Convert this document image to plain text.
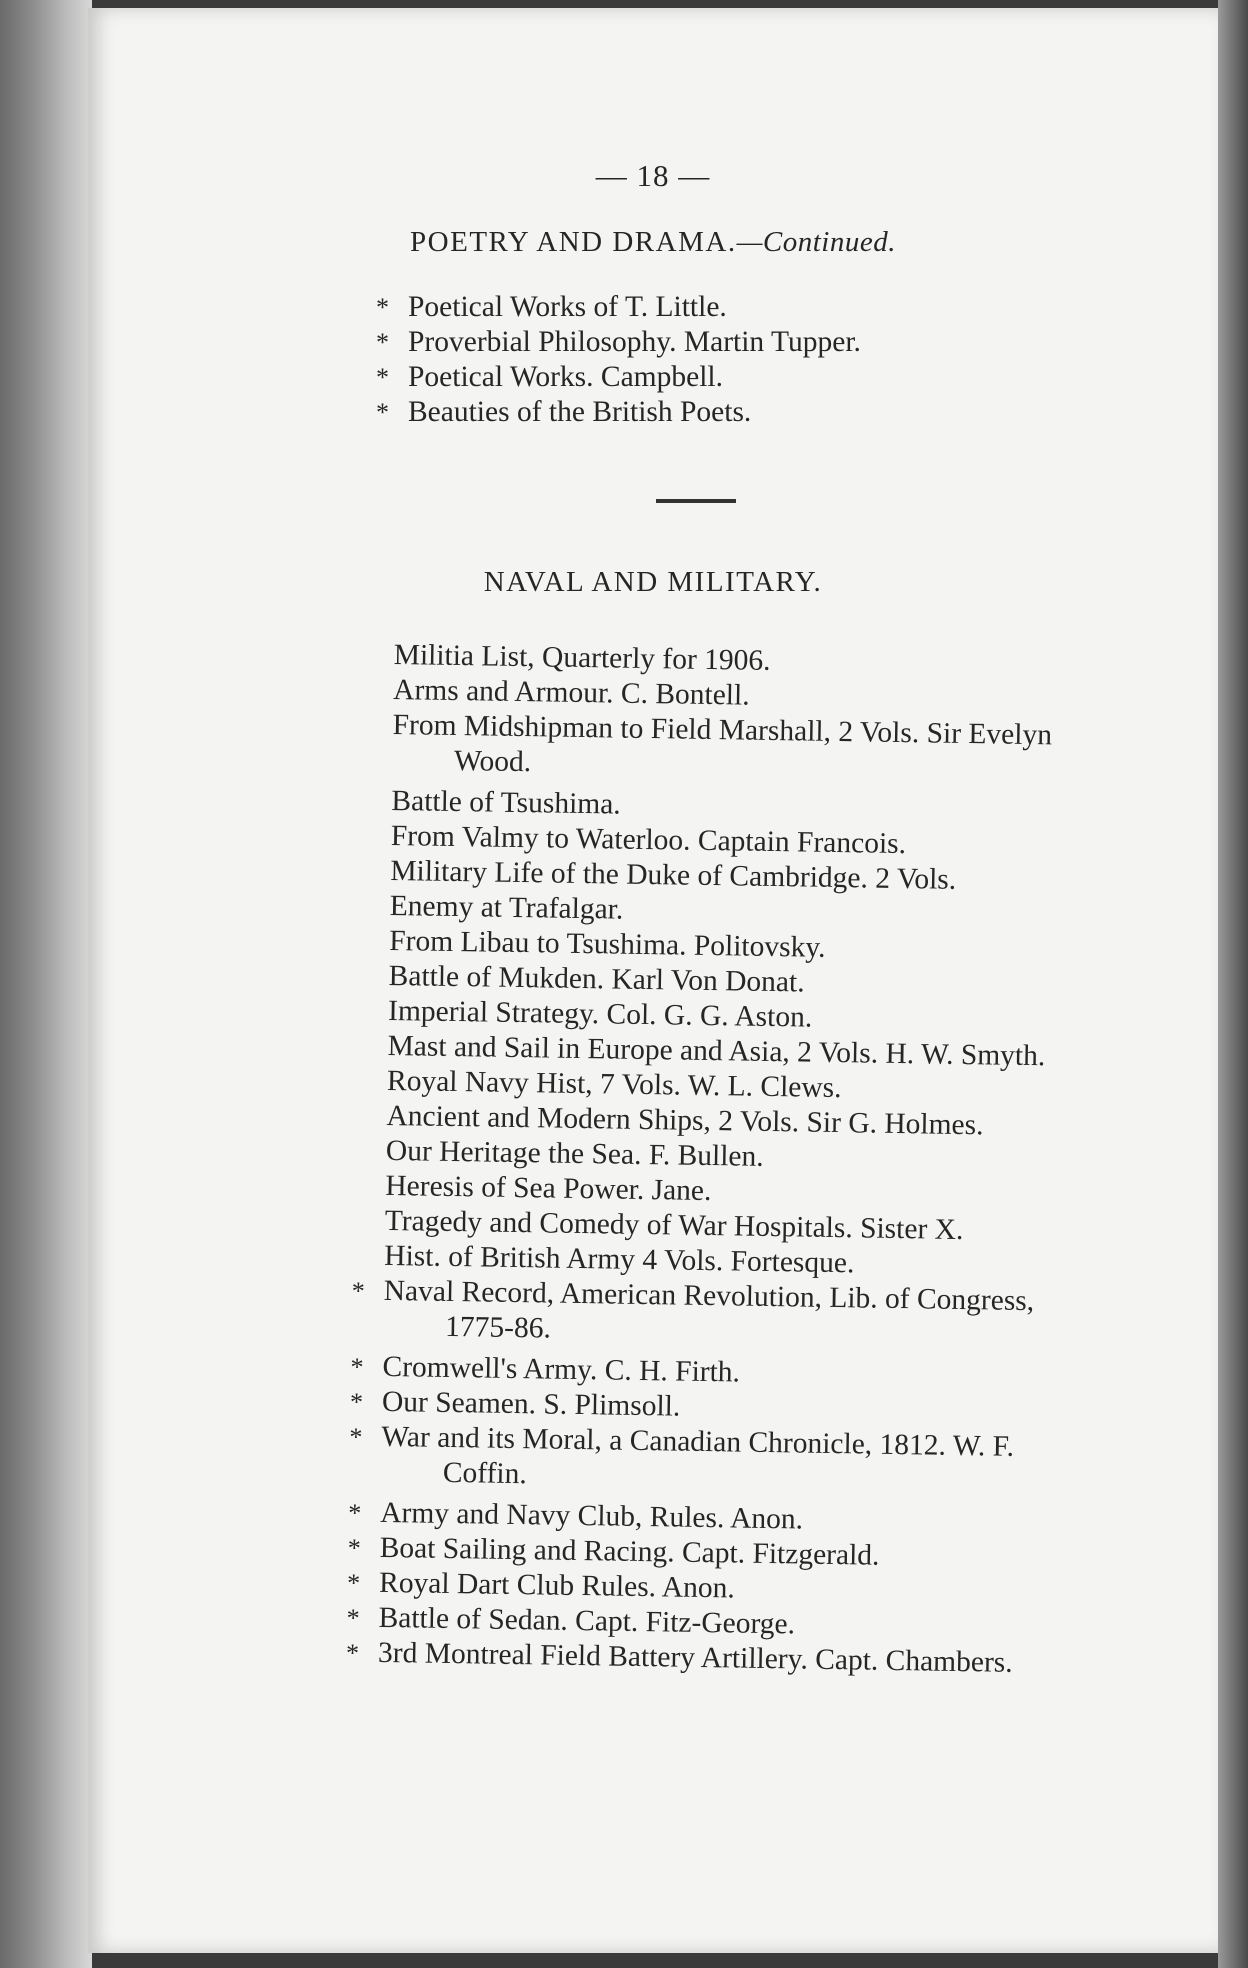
— 18 —
POETRY AND DRAMA.—Continued.
* Poetical Works of T. Little.
* Proverbial Philosophy. Martin Tupper.
* Poetical Works. Campbell.
* Beauties of the British Poets.
NAVAL AND MILITARY.
Militia List, Quarterly for 1906.
Arms and Armour. C. Bontell.
From Midshipman to Field Marshall, 2 Vols. Sir Evelyn
Wood.
Battle of Tsushima.
From Valmy to Waterloo. Captain Francois.
Military Life of the Duke of Cambridge. 2 Vols.
Enemy at Trafalgar.
From Libau to Tsushima. Politovsky.
Battle of Mukden. Karl Von Donat.
Imperial Strategy. Col. G. G. Aston.
Mast and Sail in Europe and Asia, 2 Vols. H. W. Smyth.
Royal Navy Hist, 7 Vols. W. L. Clews.
Ancient and Modern Ships, 2 Vols. Sir G. Holmes.
Our Heritage the Sea. F. Bullen.
Heresis of Sea Power. Jane.
Tragedy and Comedy of War Hospitals. Sister X.
Hist. of British Army 4 Vols. Fortesque.
* Naval Record, American Revolution, Lib. of Congress,
1775-86.
* Cromwell's Army. C. H. Firth.
* Our Seamen. S. Plimsoll.
* War and its Moral, a Canadian Chronicle, 1812. W. F.
Coffin.
* Army and Navy Club, Rules. Anon.
* Boat Sailing and Racing. Capt. Fitzgerald.
* Royal Dart Club Rules. Anon.
* Battle of Sedan. Capt. Fitz-George.
* 3rd Montreal Field Battery Artillery. Capt. Chambers.
